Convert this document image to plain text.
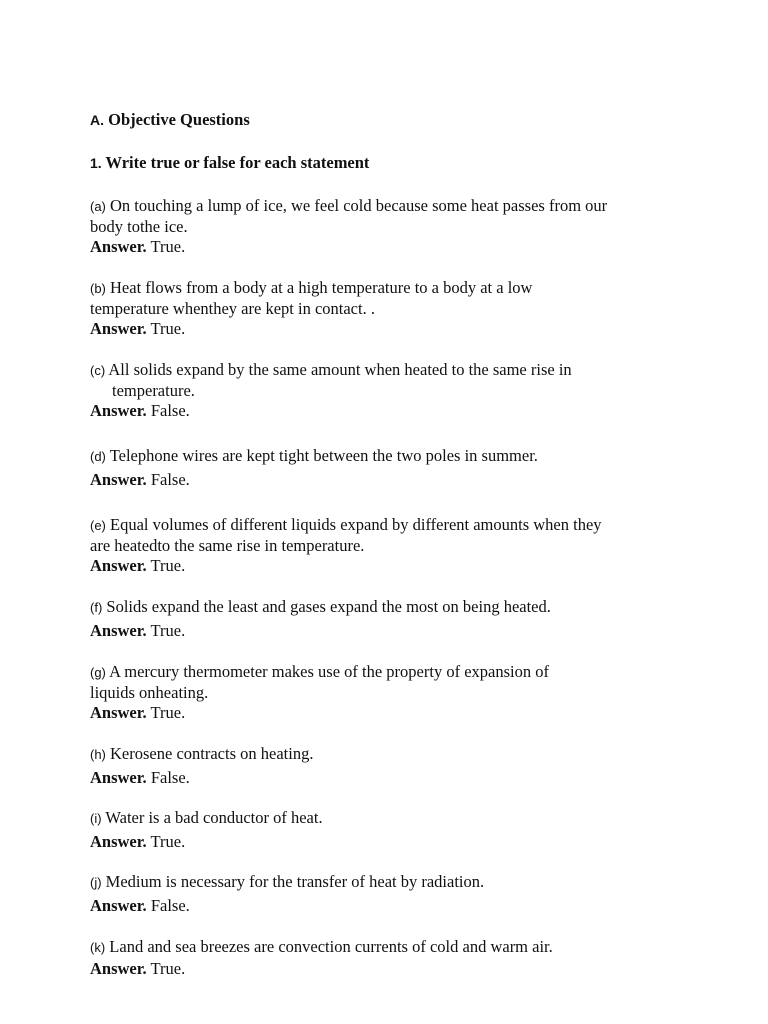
A. Objective Questions
1. Write true or false for each statement
(a) On touching a lump of ice, we feel cold because some heat passes from our
body tothe ice.
Answer. True.
(b) Heat flows from a body at a high temperature to a body at a low
temperature whenthey are kept in contact. .
Answer. True.
(c) All solids expand by the same amount when heated to the same rise in
temperature.
Answer. False.
(d) Telephone wires are kept tight between the two poles in summer.
Answer. False.
(e) Equal volumes of different liquids expand by different amounts when they
are heatedto the same rise in temperature.
Answer. True.
(f) Solids expand the least and gases expand the most on being heated.
Answer. True.
(g) A mercury thermometer makes use of the property of expansion of
liquids onheating.
Answer. True.
(h) Kerosene contracts on heating.
Answer. False.
(i) Water is a bad conductor of heat.
Answer. True.
(j) Medium is necessary for the transfer of heat by radiation.
Answer. False.
(k) Land and sea breezes are convection currents of cold and warm air.
Answer. True.
